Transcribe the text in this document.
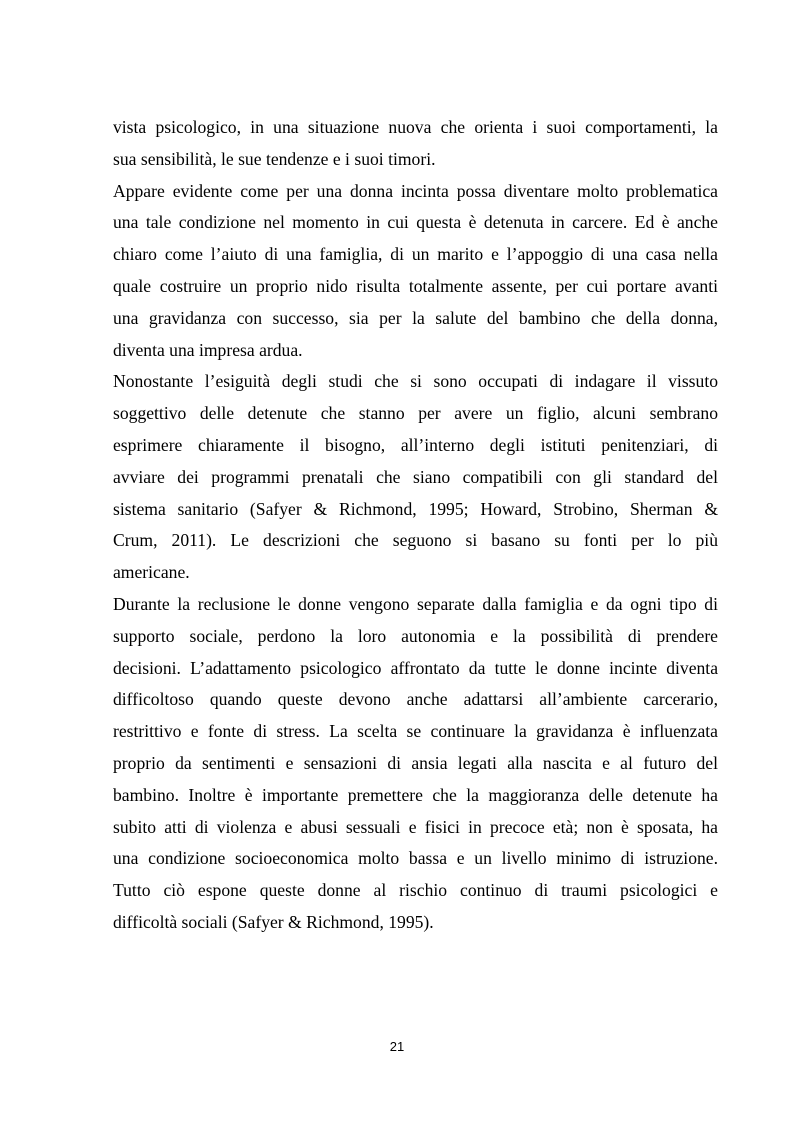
vista psicologico, in una situazione nuova che orienta i suoi comportamenti, la
sua sensibilità, le sue tendenze e i suoi timori.
Appare evidente come per una donna incinta possa diventare molto problematica
una tale condizione nel momento in cui questa è detenuta in carcere. Ed è anche
chiaro come l’aiuto di una famiglia, di un marito e l’appoggio di una casa nella
quale costruire un proprio nido risulta totalmente assente, per cui portare avanti
una gravidanza con successo, sia per la salute del bambino che della donna,
diventa una impresa ardua.
Nonostante l’esiguità degli studi che si sono occupati di indagare il vissuto
soggettivo delle detenute che stanno per avere un figlio, alcuni sembrano
esprimere chiaramente il bisogno, all’interno degli istituti penitenziari, di
avviare dei programmi prenatali che siano compatibili con gli standard del
sistema sanitario (Safyer & Richmond, 1995; Howard, Strobino, Sherman &
Crum, 2011). Le descrizioni che seguono si basano su fonti per lo più
americane.
Durante la reclusione le donne vengono separate dalla famiglia e da ogni tipo di
supporto sociale, perdono la loro autonomia e la possibilità di prendere
decisioni. L’adattamento psicologico affrontato da tutte le donne incinte diventa
difficoltoso quando queste devono anche adattarsi all’ambiente carcerario,
restrittivo e fonte di stress. La scelta se continuare la gravidanza è influenzata
proprio da sentimenti e sensazioni di ansia legati alla nascita e al futuro del
bambino. Inoltre è importante premettere che la maggioranza delle detenute ha
subito atti di violenza e abusi sessuali e fisici in precoce età; non è sposata, ha
una condizione socioeconomica molto bassa e un livello minimo di istruzione.
Tutto ciò espone queste donne al rischio continuo di traumi psicologici e
difficoltà sociali (Safyer & Richmond, 1995).
21
